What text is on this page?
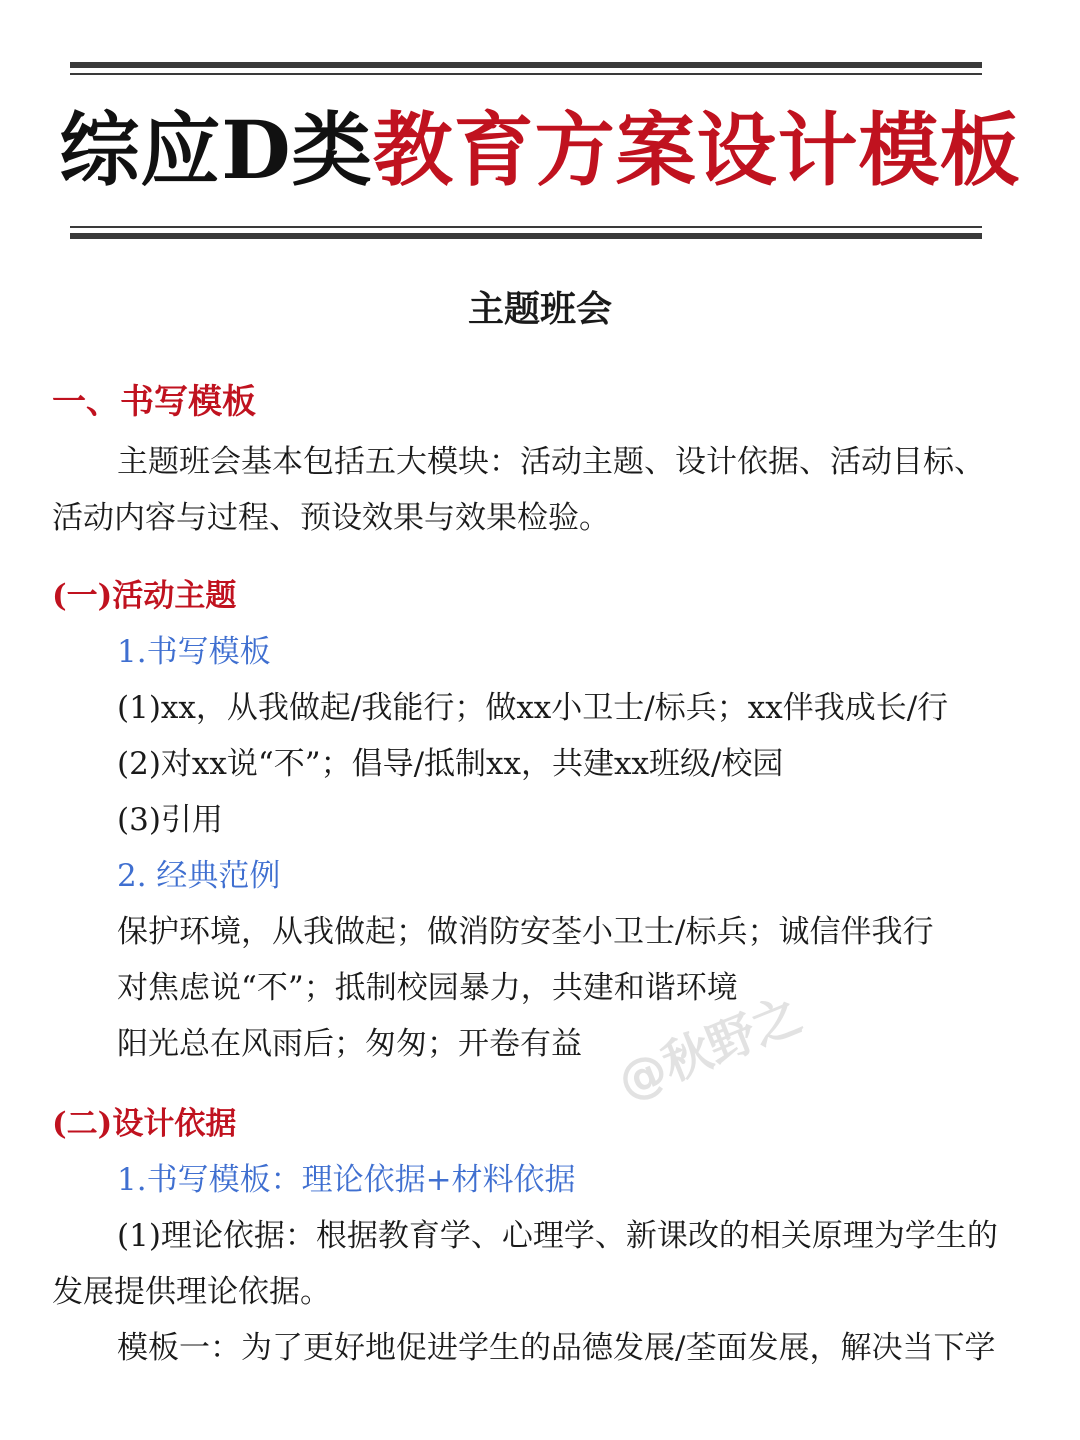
综应D类教育方案设计模板
主题班会
一、书写模板
主题班会基本包括五大模块：活动主题、设计依据、活动目标、
活动内容与过程、预设效果与效果检验。
(一)活动主题
1.书写模板
(1)xx，从我做起/我能行；做xx小卫士/标兵；xx伴我成长/行
(2)对xx说“不”；倡导/抵制xx，共建xx班级/校园
(3)引用
2. 经典范例
保护环境，从我做起；做消防安荃小卫士/标兵；诚信伴我行
对焦虑说“不”；抵制校园暴力，共建和谐环境
阳光总在风雨后；匆匆；开卷有益 @秋野之
(二)设计依据
1.书写模板：理论依据+材料依据
(1)理论依据：根据教育学、心理学、新课改的相关原理为学生的
发展提供理论依据。
模板一：为了更好地促进学生的品德发展/荃面发展，解决当下学
